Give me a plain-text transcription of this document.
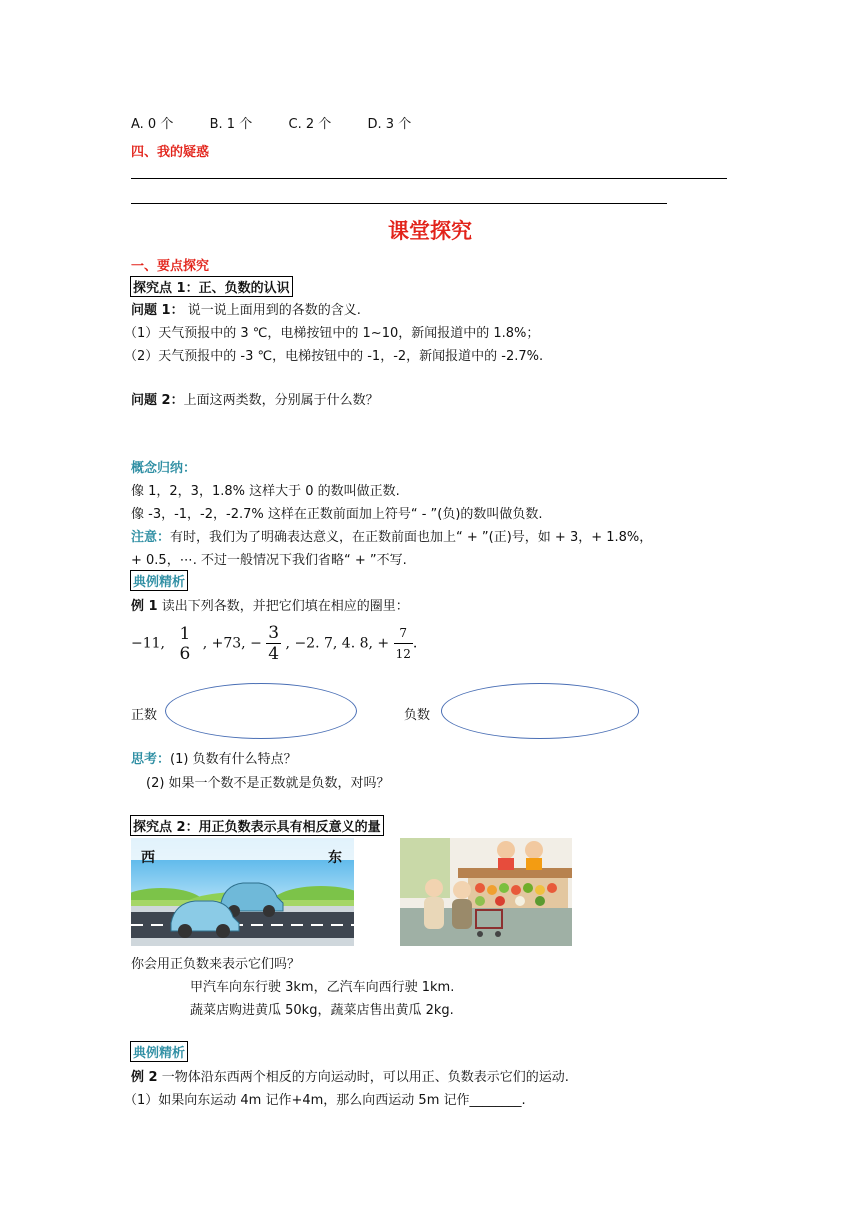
A. 0 个	B. 1 个	C. 2 个	D. 3 个
四、我的疑惑
课堂探究
一、要点探究
探究点 1：正、负数的认识
问题 1： 说一说上面用到的各数的含义.
（1）天气预报中的 3 ℃，电梯按钮中的 1~10，新闻报道中的 1.8%；
（2）天气预报中的 -3 ℃，电梯按钮中的 -1，-2，新闻报道中的 -2.7%.
问题 2：上面这两类数，分别属于什么数？
概念归纳：
像 1，2，3，1.8% 这样大于 0 的数叫做正数.
像 -3，-1，-2，-2.7% 这样在正数前面加上符号“ - ”(负)的数叫做负数.
注意：有时，我们为了明确表达意义，在正数前面也加上“ + ”(正)号，如 + 3，+ 1.8%，
+ 0.5，⋯. 不过一般情况下我们省略“ + ”不写.
典例精析
例 1 读出下列各数，并把它们填在相应的圈里：
−11, 1
6 , +73, − $\frac{3}{4}$ , −2. 7, 4. 8, + $\frac{7}{12}$ .
正数	负数
思考：(1) 负数有什么特点？
(2) 如果一个数不是正数就是负数，对吗？
探究点 2：用正负数表示具有相反意义的量
西	东
你会用正负数来表示它们吗？
甲汽车向东行驶 3km，乙汽车向西行驶 1km.
蔬菜店购进黄瓜 50kg，蔬菜店售出黄瓜 2kg.
典例精析
例 2 一物体沿东西两个相反的方向运动时，可以用正、负数表示它们的运动.
（1）如果向东运动 4m 记作+4m，那么向西运动 5m 记作________.
